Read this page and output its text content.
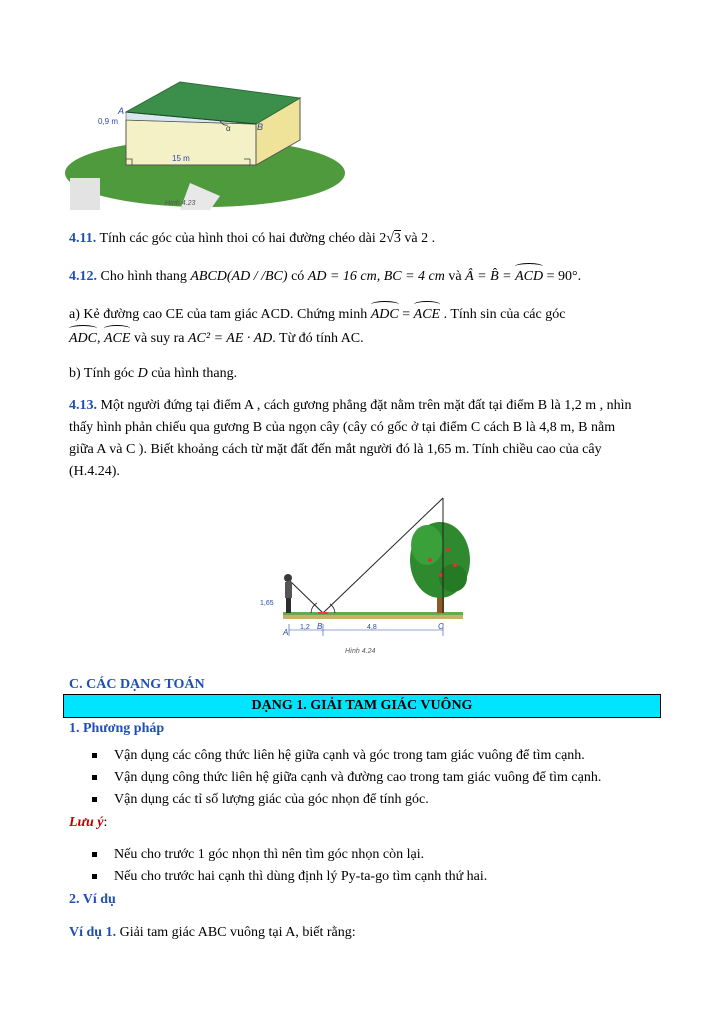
A
B
0,9 m
15 m
α
Hình 4.23
4.11. Tính các góc của hình thoi có hai đường chéo dài 2√3 và 2 .
4.12. Cho hình thang ABCD(AD / /BC) có AD = 16 cm, BC = 4 cm và Â = B̂ = ACD = 90°.
a) Kẻ đường cao CE của tam giác ACD. Chứng minh ADC = ACE . Tính sin của các góc
ADC, ACE và suy ra AC² = AE · AD. Từ đó tính AC.
b) Tính góc D của hình thang.
4.13. Một người đứng tại điểm A , cách gương phẳng đặt nằm trên mặt đất tại điểm B là 1,2 m , nhìn
thấy hình phản chiếu qua gương B của ngọn cây (cây có gốc ở tại điểm C cách B là 4,8 m, B nằm
giữa A và C ). Biết khoảng cách từ mặt đất đến mắt người đó là 1,65 m. Tính chiều cao của cây
(H.4.24).
1,65
A
B	C
1,2	4,8
Hình 4.24
C. CÁC DẠNG TOÁN
DẠNG 1. GIẢI TAM GIÁC VUÔNG
1. Phương pháp
Vận dụng các công thức liên hệ giữa cạnh và góc trong tam giác vuông để tìm cạnh.
Vận dụng công thức liên hệ giữa cạnh và đường cao trong tam giác vuông để tìm cạnh.
Vận dụng các tỉ số lượng giác của góc nhọn để tính góc.
Lưu ý:
Nếu cho trước 1 góc nhọn thì nên tìm góc nhọn còn lại.
Nếu cho trước hai cạnh thì dùng định lý Py-ta-go tìm cạnh thứ hai.
2. Ví dụ
Ví dụ 1. Giải tam giác ABC vuông tại A, biết rằng:
